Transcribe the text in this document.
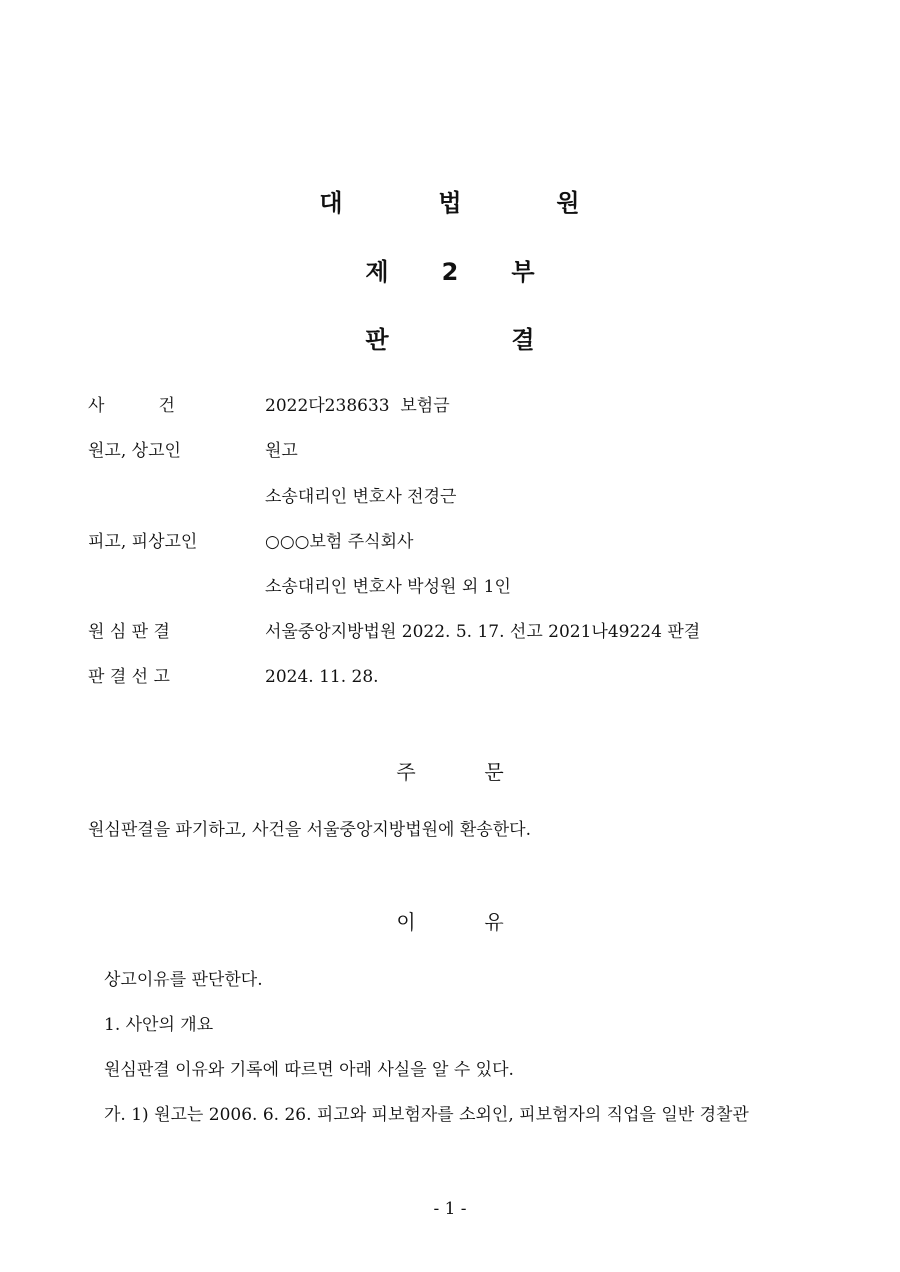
대	법	원
제 2 부
판	결
사          건	2022다238633  보험금
원고, 상고인	원고
소송대리인 변호사 전경근
피고, 피상고인	○○○보험 주식회사
소송대리인 변호사 박성원 외 1인
원 심 판 결	서울중앙지방법원 2022. 5. 17. 선고 2021나49224 판결
판 결 선 고	2024. 11. 28.
주	문
원심판결을 파기하고, 사건을 서울중앙지방법원에 환송한다.
이	유
상고이유를 판단한다.
1. 사안의 개요
원심판결 이유와 기록에 따르면 아래 사실을 알 수 있다.
가. 1) 원고는 2006. 6. 26. 피고와 피보험자를 소외인, 피보험자의 직업을 일반 경찰관
- 1 -
